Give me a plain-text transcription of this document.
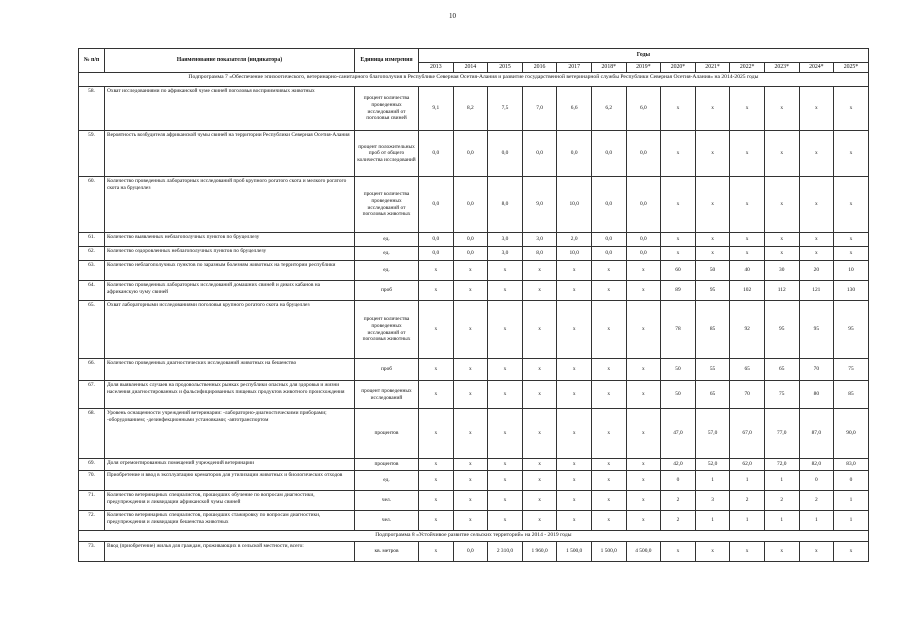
10
№ п/п	Наименование показателя (индикатора)	Единица измерения	Годы												
			2013	2014	2015	2016	2017	2018*	2019*	2020*	2021*	2022*	2023*	2024*	2025*
Подпрограмма 7 «Обеспечение эпизоотического, ветеринарно-санитарного благополучия в Республике Северная Осетия-Алания и развитие государственной ветеринарной службы Республики Северная Осетия-Алания» на 2014-2025 годы															
58.	Охват исследованиями по африканской чуме свиней поголовья восприимчивых животных	процент количества проведенных исследований от поголовья свиней	9,1	8,2	7,5	7,0	6,6	6,2	6,0	х	х	х	х	х	х
59.	Вероятность возбудителя африканской чумы свиней на территории Республики Северная Осетия-Алания	процент положительных проб от общего количества исследований	0,0	0,0	0,0	0,0	0,0	0,0	0,0	х	х	х	х	х	х
60.	Количество проведенных лабораторных исследований проб крупного рогатого скота и мелкого рогатого скота на бруцеллез	процент количества проведенных исследований от поголовья животных	0,0	0,0	8,0	9,0	10,0	0,0	0,0	х	х	х	х	х	х
61.	Количество выявленных неблагополучных пунктов по бруцеллезу	ед.	0,0	0,0	3,0	3,0	2,0	0,0	0,0	х	х	х	х	х	х
62.	Количество оздоровленных неблагополучных пунктов по бруцеллезу	ед.	0,0	0,0	3,0	8,0	10,0	0,0	0,0	х	х	х	х	х	х
63.	Количество неблагополучных пунктов по заразным болезням животных на территории республики	ед.	х	х	х	х	х	х	х	60	50	40	30	20	10
64.	Количество проведенных лабораторных исследований домашних свиней и диких кабанов на африканскую чуму свиней	проб	х	х	х	х	х	х	х	89	95	102	112	121	130
65.	Охват лабораторными исследованиями поголовья крупного рогатого скота на бруцеллез	процент количества проведенных исследований от поголовья животных	х	х	х	х	х	х	х	78	85	92	95	95	95
66.	Количество проведенных диагностических исследований животных на бешенство	проб	х	х	х	х	х	х	х	50	55	65	65	70	75
67.	Доля выявленных случаев на продовольственных рынках республики опасных для здоровья и жизни населения диагностированных и фальсифицированных пищевых продуктов животного происхождения	процент проведенных исследований	х	х	х	х	х	х	х	50	65	70	75	80	85
68.	Уровень оснащенности учреждений ветеринарии: -лабораторно-диагностическими приборами; -оборудованием; -дезинфекционными установками; -автотранспортом	процентов	х	х	х	х	х	х	х	47,0	57,0	67,0	77,0	87,0	90,0
69.	Доля отремонтированных помещений учреждений ветеринарии	процентов	х	х	х	х	х	х	х	42,0	52,0	62,0	72,0	82,0	83,0
70.	Приобретение и ввод в эксплуатацию крематоров для утилизации животных и биологических отходов	ед.	х	х	х	х	х	х	х	0	1	1	1	0	0
71.	Количество ветеринарных специалистов, прошедших обучение по вопросам диагностики, предупреждения и ликвидации африканской чумы свиней	чел.	х	х	х	х	х	х	х	2	3	2	2	2	1
72.	Количество ветеринарных специалистов, прошедших стажировку по вопросам диагностики, предупреждения и ликвидации бешенства животных	чел.	х	х	х	х	х	х	х	2	1	1	1	1	1
Подпрограмма 8 «Устойчивое развитие сельских территорий» на 2014 - 2019 годы															
73.	Ввод (приобретение) жилья для граждан, проживающих в сельской местности, всего:	кв. метров	х	0,0	2 310,0	1 960,0	1 500,0	1 500,0	4 500,0	х	х	х	х	х	х
